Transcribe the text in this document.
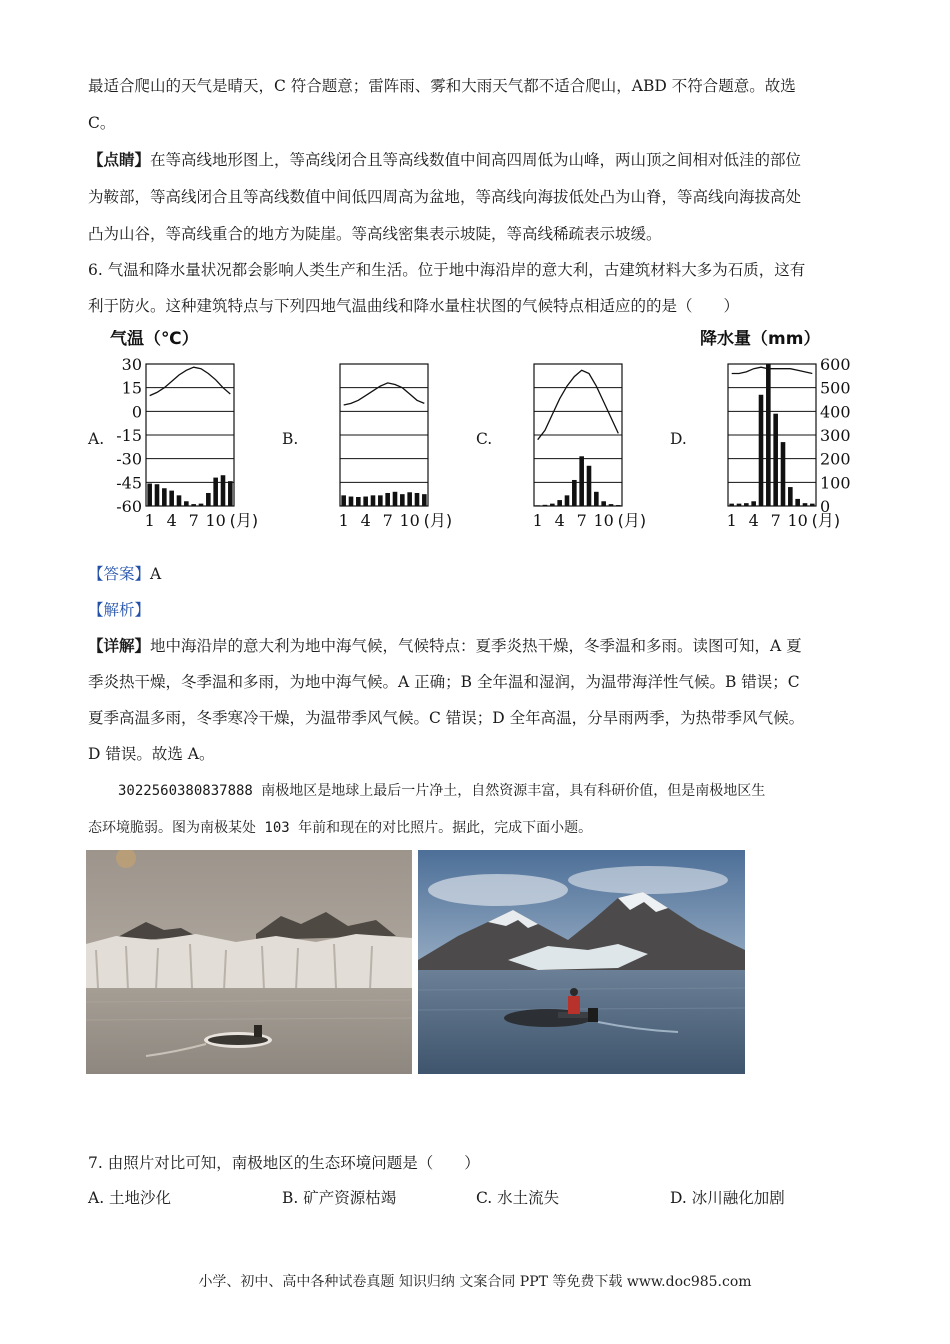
最适合爬山的天气是晴天，C 符合题意；雷阵雨、雾和大雨天气都不适合爬山，ABD 不符合题意。故选
C。
【点睛】在等高线地形图上，等高线闭合且等高线数值中间高四周低为山峰，两山顶之间相对低洼的部位
为鞍部，等高线闭合且等高线数值中间低四周高为盆地，等高线向海拔低处凸为山脊，等高线向海拔高处
凸为山谷，等高线重合的地方为陡崖。等高线密集表示坡陡，等高线稀疏表示坡缓。
6. 气温和降水量状况都会影响人类生产和生活。位于地中海沿岸的意大利，古建筑材料大多为石质，这有
利于防火。这种建筑特点与下列四地气温曲线和降水量柱状图的气候特点相适应的的是（　　）
A.	B.	C.	D.
气温（℃）
30
15
0
-15
-30
-45
-60
1 4 7 10 (月)	1 4 7 10 (月)	1 4 7 10 (月)
降水量（mm）
600
500
400
300
200
100
0
1 4 7 10 (月)
【答案】A
【解析】
【详解】地中海沿岸的意大利为地中海气候，气候特点：夏季炎热干燥，冬季温和多雨。读图可知，A 夏
季炎热干燥，冬季温和多雨，为地中海气候。A 正确；B 全年温和湿润，为温带海洋性气候。B 错误；C
夏季高温多雨，冬季寒冷干燥，为温带季风气候。C 错误；D 全年高温，分旱雨两季，为热带季风气候。
D 错误。故选 A。
3022560380837888 南极地区是地球上最后一片净土，自然资源丰富，具有科研价值，但是南极地区生
态环境脆弱。图为南极某处 103 年前和现在的对比照片。据此，完成下面小题。
7. 由照片对比可知，南极地区的生态环境问题是（　　）
A. 土地沙化	B. 矿产资源枯竭	C. 水土流失	D. 冰川融化加剧
小学、初中、高中各种试卷真题 知识归纳 文案合同 PPT 等免费下载 www.doc985.com
